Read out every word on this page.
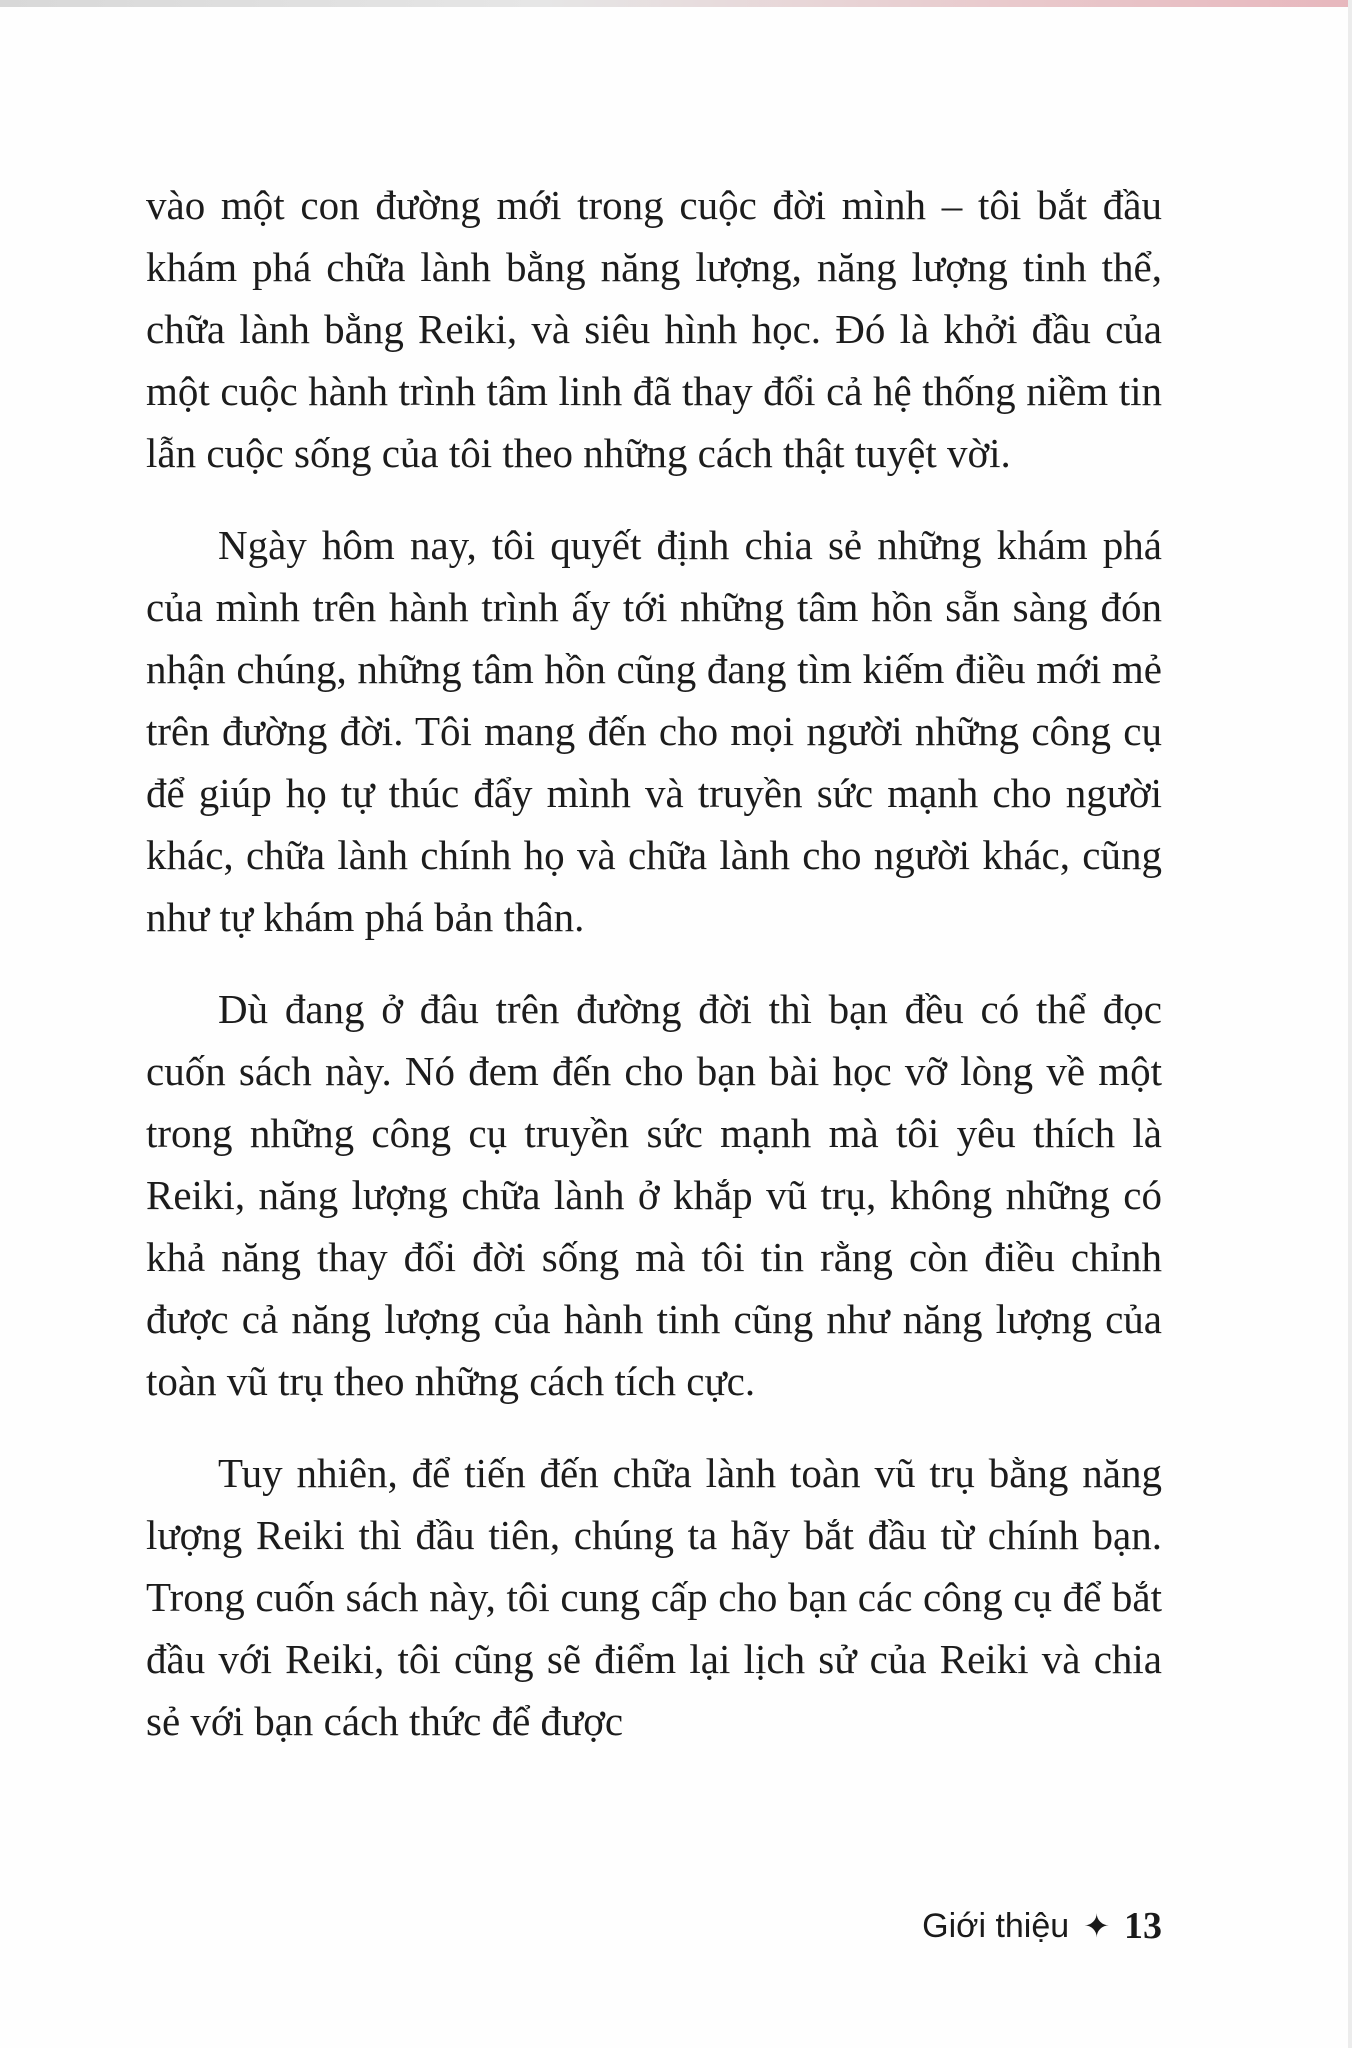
vào một con đường mới trong cuộc đời mình – tôi bắt đầu khám phá chữa lành bằng năng lượng, năng lượng tinh thể, chữa lành bằng Reiki, và siêu hình học. Đó là khởi đầu của một cuộc hành trình tâm linh đã thay đổi cả hệ thống niềm tin lẫn cuộc sống của tôi theo những cách thật tuyệt vời.

Ngày hôm nay, tôi quyết định chia sẻ những khám phá của mình trên hành trình ấy tới những tâm hồn sẵn sàng đón nhận chúng, những tâm hồn cũng đang tìm kiếm điều mới mẻ trên đường đời. Tôi mang đến cho mọi người những công cụ để giúp họ tự thúc đẩy mình và truyền sức mạnh cho người khác, chữa lành chính họ và chữa lành cho người khác, cũng như tự khám phá bản thân.

Dù đang ở đâu trên đường đời thì bạn đều có thể đọc cuốn sách này. Nó đem đến cho bạn bài học vỡ lòng về một trong những công cụ truyền sức mạnh mà tôi yêu thích là Reiki, năng lượng chữa lành ở khắp vũ trụ, không những có khả năng thay đổi đời sống mà tôi tin rằng còn điều chỉnh được cả năng lượng của hành tinh cũng như năng lượng của toàn vũ trụ theo những cách tích cực.

Tuy nhiên, để tiến đến chữa lành toàn vũ trụ bằng năng lượng Reiki thì đầu tiên, chúng ta hãy bắt đầu từ chính bạn. Trong cuốn sách này, tôi cung cấp cho bạn các công cụ để bắt đầu với Reiki, tôi cũng sẽ điểm lại lịch sử của Reiki và chia sẻ với bạn cách thức để được

Giới thiệu ✦ 13
